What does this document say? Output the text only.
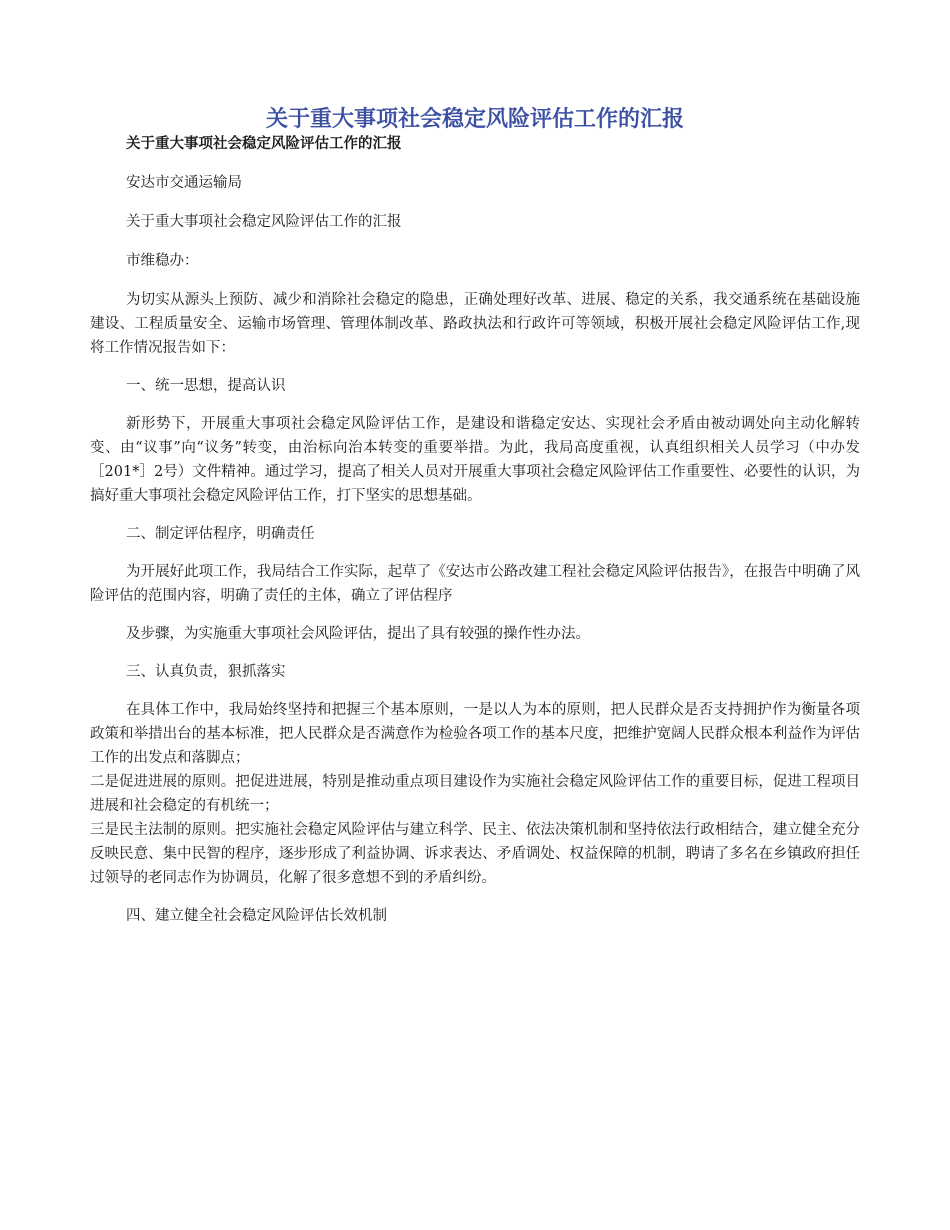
关于重大事项社会稳定风险评估工作的汇报
关于重大事项社会稳定风险评估工作的汇报

安达市交通运输局

关于重大事项社会稳定风险评估工作的汇报

市维稳办：

为切实从源头上预防、减少和消除社会稳定的隐患，正确处理好改革、进展、稳定的关系，我交通系统在基础设施建设、工程质量安全、运输市场管理、管理体制改革、路政执法和行政许可等领域，积极开展社会稳定风险评估工作,现将工作情况报告如下：

一、统一思想，提高认识

新形势下，开展重大事项社会稳定风险评估工作，是建设和谐稳定安达、实现社会矛盾由被动调处向主动化解转变、由“议事”向“议务”转变，由治标向治本转变的重要举措。为此，我局高度重视，认真组织相关人员学习（中办发［201*］2号）文件精神。通过学习，提高了相关人员对开展重大事项社会稳定风险评估工作重要性、必要性的认识，为搞好重大事项社会稳定风险评估工作，打下坚实的思想基础。

二、制定评估程序，明确责任

为开展好此项工作，我局结合工作实际，起草了《安达市公路改建工程社会稳定风险评估报告》，在报告中明确了风险评估的范围内容，明确了责任的主体，确立了评估程序

及步骤，为实施重大事项社会风险评估，提出了具有较强的操作性办法。

三、认真负责，狠抓落实

在具体工作中，我局始终坚持和把握三个基本原则，一是以人为本的原则，把人民群众是否支持拥护作为衡量各项政策和举措出台的基本标准，把人民群众是否满意作为检验各项工作的基本尺度，把维护宽阔人民群众根本利益作为评估工作的出发点和落脚点；

二是促进进展的原则。把促进进展，特别是推动重点项目建设作为实施社会稳定风险评估工作的重要目标，促进工程项目进展和社会稳定的有机统一；

三是民主法制的原则。把实施社会稳定风险评估与建立科学、民主、依法决策机制和坚持依法行政相结合，建立健全充分反映民意、集中民智的程序，逐步形成了利益协调、诉求表达、矛盾调处、权益保障的机制，聘请了多名在乡镇政府担任过领导的老同志作为协调员，化解了很多意想不到的矛盾纠纷。

四、建立健全社会稳定风险评估长效机制
